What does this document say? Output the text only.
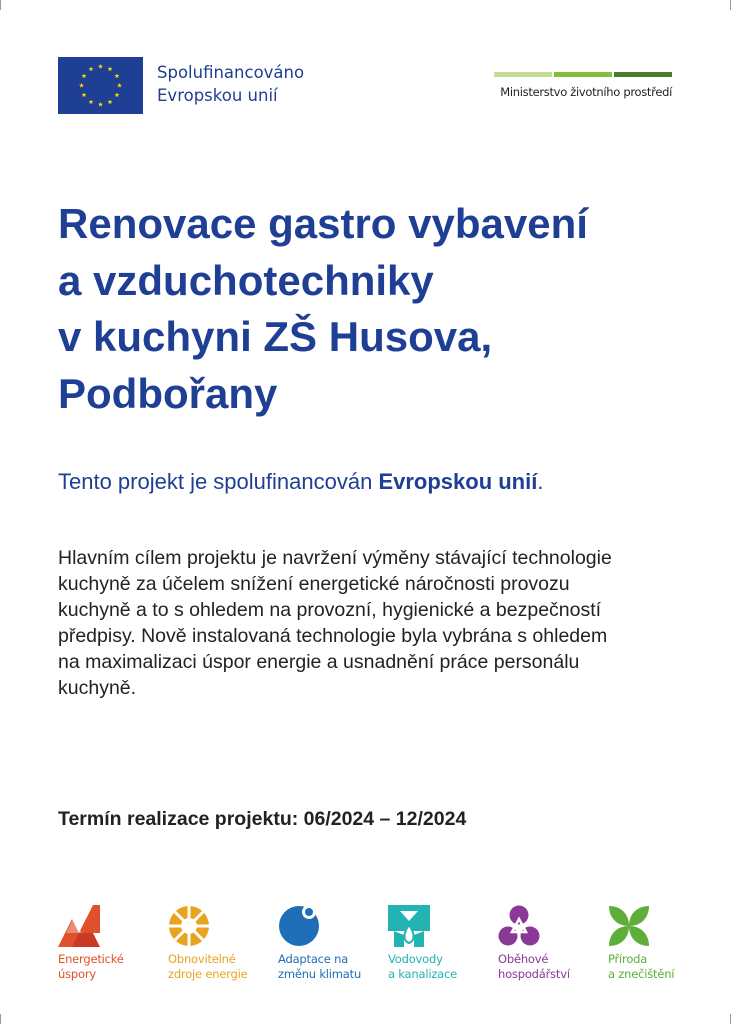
Spolufinancováno
Evropskou unií	Ministerstvo životního prostředí
Renovace gastro vybavení
a vzduchotechniky
v kuchyni ZŠ Husova,
Podbořany

Tento projekt je spolufinancován Evropskou unií.

Hlavním cílem projektu je navržení výměny stávající technologie
kuchyně za účelem snížení energetické náročnosti provozu
kuchyně a to s ohledem na provozní, hygienické a bezpečností
předpisy. Nově instalovaná technologie byla vybrána s ohledem
na maximalizaci úspor energie a usnadnění práce personálu
kuchyně.

Termín realizace projektu: 06/2024 – 12/2024

Energetické
úspory
Obnovitelné
zdroje energie
Adaptace na
změnu klimatu
Vodovody
a kanalizace
Oběhové
hospodářství
Příroda
a znečištění
